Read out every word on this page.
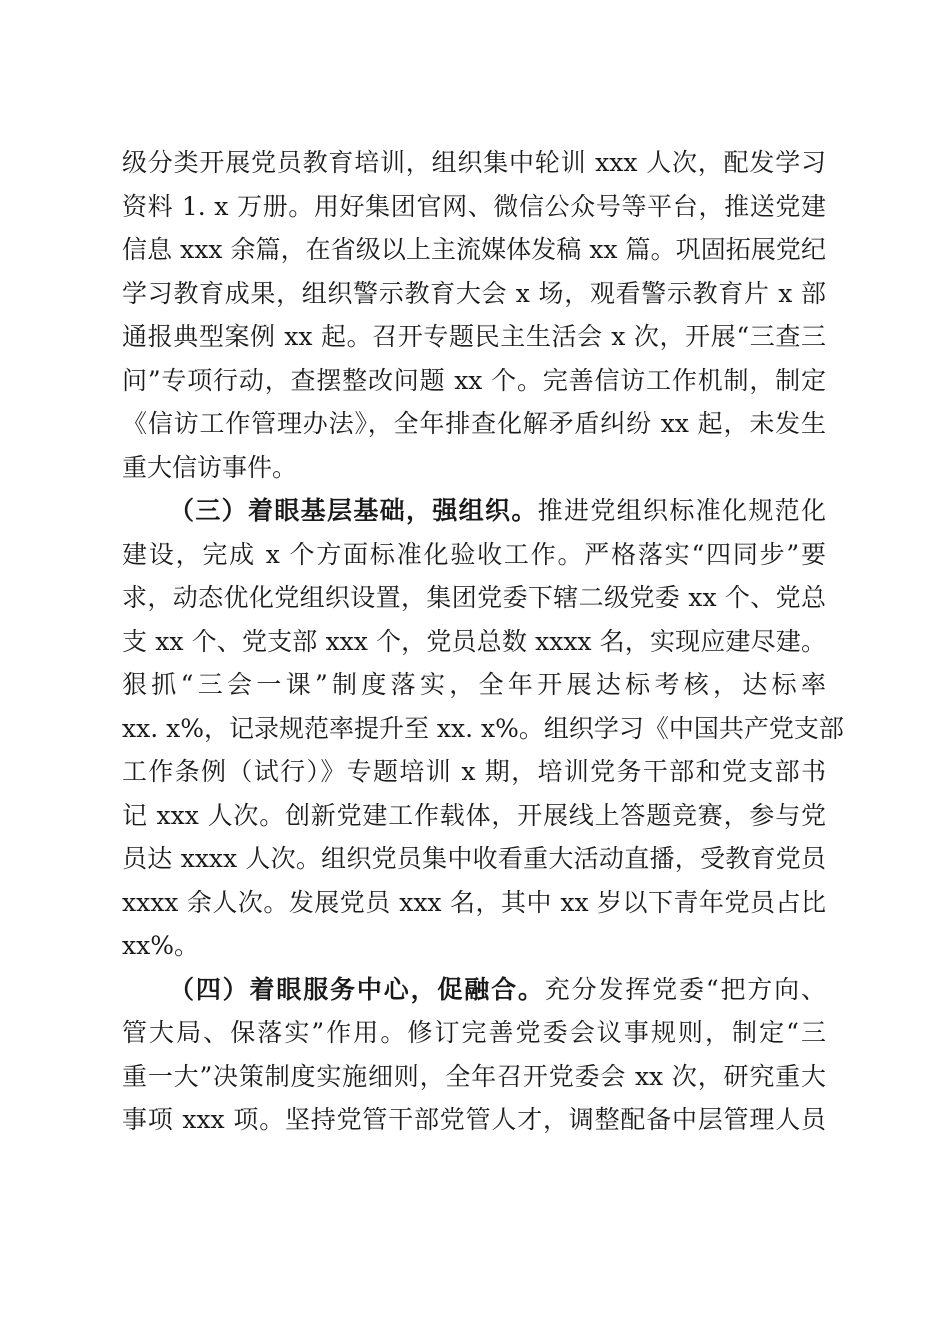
级分类开展党员教育培训，组织集中轮训 xxx 人次，配发学习
资料 1. x 万册。用好集团官网、微信公众号等平台，推送党建
信息 xxx 余篇，在省级以上主流媒体发稿 xx 篇。巩固拓展党纪
学习教育成果，组织警示教育大会 x 场，观看警示教育片 x 部
通报典型案例 xx 起。召开专题民主生活会 x 次，开展“三查三
问”专项行动，查摆整改问题 xx 个。完善信访工作机制，制定
《信访工作管理办法》，全年排查化解矛盾纠纷 xx 起，未发生
重大信访事件。
（三）着眼基层基础，强组织。推进党组织标准化规范化
建设，完成 x 个方面标准化验收工作。严格落实“四同步”要
求，动态优化党组织设置，集团党委下辖二级党委 xx 个、党总
支 xx 个、党支部 xxx 个，党员总数 xxxx 名，实现应建尽建。
狠抓“三会一课”制度落实，全年开展达标考核，达标率
xx. x%，记录规范率提升至 xx. x%。组织学习《中国共产党支部
工作条例（试行）》专题培训 x 期，培训党务干部和党支部书
记 xxx 人次。创新党建工作载体，开展线上答题竞赛，参与党
员达 xxxx 人次。组织党员集中收看重大活动直播，受教育党员
xxxx 余人次。发展党员 xxx 名，其中 xx 岁以下青年党员占比
xx%。
（四）着眼服务中心，促融合。充分发挥党委“把方向、
管大局、保落实”作用。修订完善党委会议事规则，制定“三
重一大”决策制度实施细则，全年召开党委会 xx 次，研究重大
事项 xxx 项。坚持党管干部党管人才，调整配备中层管理人员
